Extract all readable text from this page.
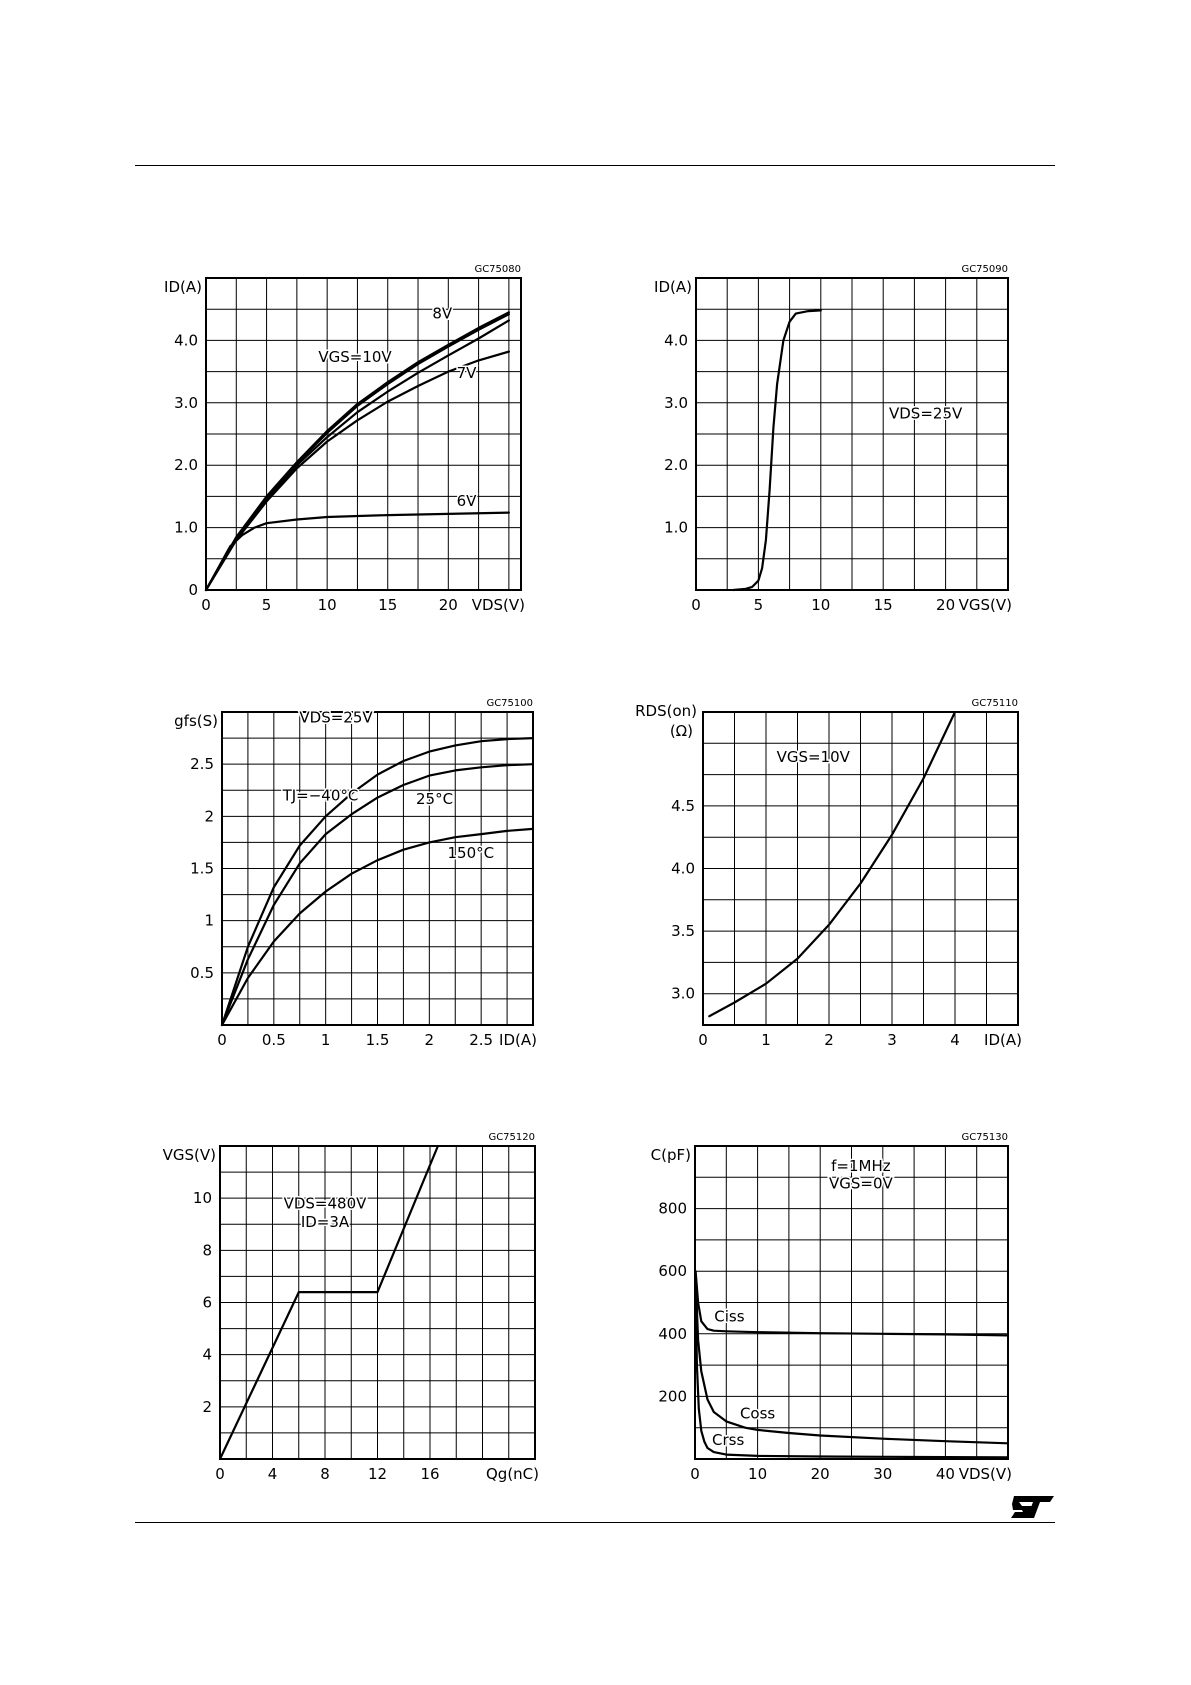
GC75080
ID(A)
0	5	10	15	20
0
1.0
2.0
3.0
4.0
VDS(V)
8V
VGS=10V
7V
6V
GC75090
ID(A)
0	5	10	15	20
1.0
2.0
3.0
4.0
VGS(V)
VDS=25V
GC75100
gfs(S)
0 0.5 1 1.5 2 2.5
0.5
1
1.5
2
2.5
ID(A)
VDS=25V
TJ=−40°C	25°C
150°C
GC75110
RDS(on)
(Ω)
0	1	2	3	4
3.0
3.5
4.0
4.5
ID(A)
VGS=10V
GC75120
VGS(V)
0	4	8	12 16
2
4
6
8
10
Qg(nC)
VDS=480V
ID=3A
GC75130
C(pF)
0	10	20	30	40
200
400
600
800
VDS(V)
f=1MHz
VGS=0V
Ciss
Coss
Crss
